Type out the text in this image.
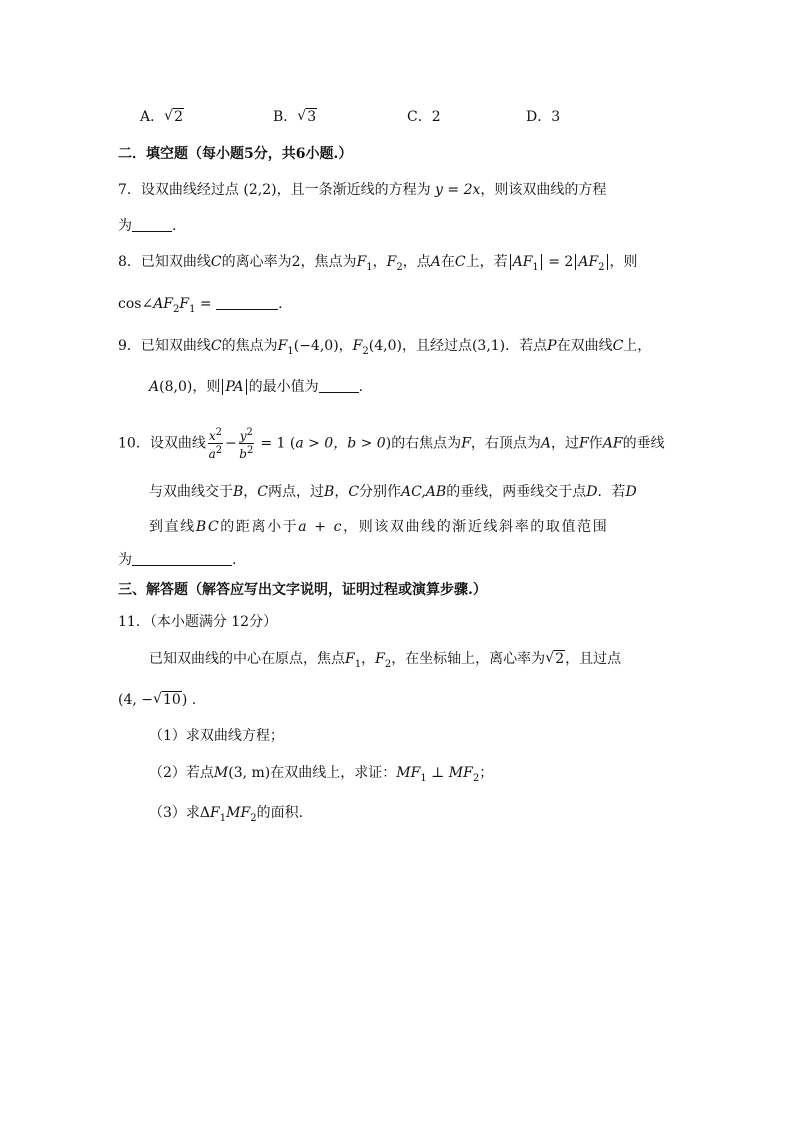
A． √ 2	B． √ 3	C．2	D．3
二．填空题（每小题5分，共6小题.）
7．设双曲线经过点 (2,2)，且一条渐近线的方程为 y = 2x，则该双曲线的方程
为	.
8．已知双曲线C的离心率为2，焦点为$F_1$，$F_2$，点A在C上，若 $AF_1 = 2$ $AF_2$ ，则
$\cos\angle AF_2F_1$ =	.
9．已知双曲线C的焦点为$F_1(-4,0)$，$F_2(4,0)$，且经过点(3,1)．若点P在双曲线C上，
A(8,0)，则 PA 的最小值为	.
10．设双曲线 $\frac{x^2}{a^2} - \frac{y^2}{b^2} = 1$ (a > 0，b > 0)的右焦点为F，右顶点为A，过F作AF的垂线
与双曲线交于B，C两点，过B，C分别作AC,AB的垂线，两垂线交于点D．若D
到直线BC的距离小于a + c，则该双曲线的渐近线斜率的取值范围
为	.
三、解答题（解答应写出文字说明，证明过程或演算步骤.）
11．（本小题满分 12分）
已知双曲线的中心在原点，焦点$F_1$，$F_2$，在坐标轴上，离心率为 √ 2，且过点
(4, − √ 10) .
（1）求双曲线方程；
（2）若点M(3, m)在双曲线上，求证：$MF_1$ ⊥ $MF_2$；
（3）求$\Delta F_1MF_2$的面积.
